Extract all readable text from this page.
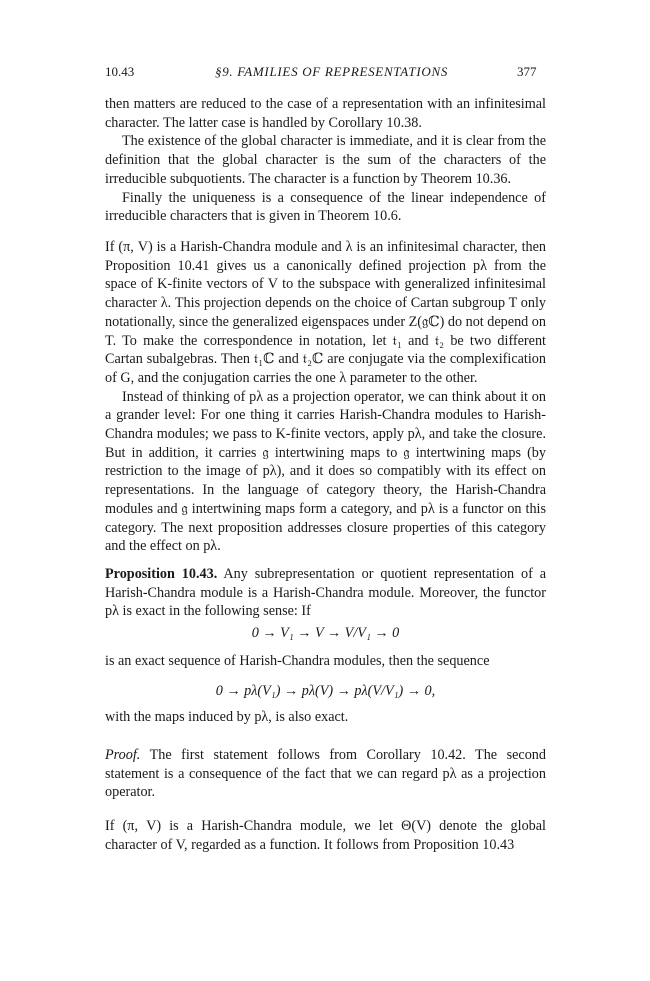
10.43	§9. FAMILIES OF REPRESENTATIONS	377

then matters are reduced to the case of a representation with an infinitesimal character. The latter case is handled by Corollary 10.38.

The existence of the global character is immediate, and it is clear from the definition that the global character is the sum of the characters of the irreducible subquotients. The character is a function by Theorem 10.36.

Finally the uniqueness is a consequence of the linear independence of irreducible characters that is given in Theorem 10.6.

If (π, V) is a Harish-Chandra module and λ is an infinitesimal character, then Proposition 10.41 gives us a canonically defined projection pλ from the space of K-finite vectors of V to the subspace with generalized infinitesimal character λ. This projection depends on the choice of Cartan subgroup T only notationally, since the generalized eigenspaces under Z(𝔤ℂ) do not depend on T. To make the correspondence in notation, let 𝔱₁ and 𝔱₂ be two different Cartan subalgebras. Then 𝔱₁ℂ and 𝔱₂ℂ are conjugate via the complexification of G, and the conjugation carries the one λ parameter to the other.

Instead of thinking of pλ as a projection operator, we can think about it on a grander level: For one thing it carries Harish-Chandra modules to Harish-Chandra modules; we pass to K-finite vectors, apply pλ, and take the closure. But in addition, it carries 𝔤 intertwining maps to 𝔤 intertwining maps (by restriction to the image of pλ), and it does so compatibly with its effect on representations. In the language of category theory, the Harish-Chandra modules and 𝔤 intertwining maps form a category, and pλ is a functor on this category. The next proposition addresses closure properties of this category and the effect on pλ.

Proposition 10.43. Any subrepresentation or quotient representation of a Harish-Chandra module is a Harish-Chandra module. Moreover, the functor pλ is exact in the following sense: If

0 → V₁ → V → V/V₁ → 0

is an exact sequence of Harish-Chandra modules, then the sequence

0 → pλ(V₁) → pλ(V) → pλ(V/V₁) → 0,

with the maps induced by pλ, is also exact.

Proof. The first statement follows from Corollary 10.42. The second statement is a consequence of the fact that we can regard pλ as a projection operator.

If (π, V) is a Harish-Chandra module, we let Θ(V) denote the global character of V, regarded as a function. It follows from Proposition 10.43
